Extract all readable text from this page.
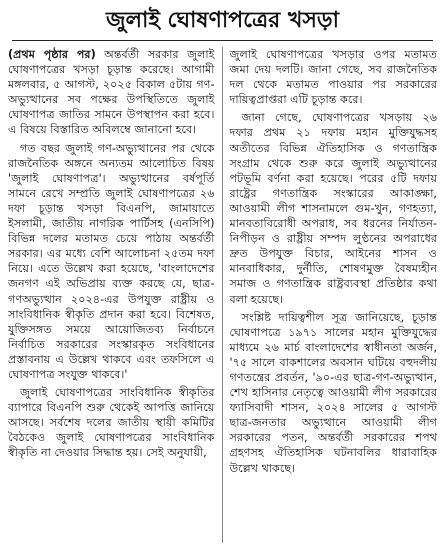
জুলাই ঘোষণাপত্রের খসড়া

(প্রথম পৃষ্ঠার পর) অন্তর্বর্তী সরকার জুলাই ঘোষণাপত্রের খসড়া চূড়ান্ত করেছে। আগামী মঙ্গলবার, ৫ আগস্ট, ২০২৫ বিকাল ৫টায় গণ-অভ্যুত্থানের সব পক্ষের উপস্থিতিতে জুলাই ঘোষণাপত্র জাতির সামনে উপস্থাপন করা হবে। এ বিষয়ে বিস্তারিত অবিলম্বে জানানো হবে।

গত বছর জুলাই গণ-অভ্যুত্থানের পর থেকে রাজনৈতিক অঙ্গনে অন্যতম আলোচিত বিষয় 'জুলাই ঘোষণাপত্র'। অভ্যুত্থানের বর্ষপূর্তি সামনে রেখে সম্প্রতি জুলাই ঘোষণাপত্রের ২৬ দফা চূড়ান্ত খসড়া বিএনপি, জামায়াতে ইসলামী, জাতীয় নাগরিক পার্টিসহ (এনসিপি) বিভিন্ন দলের মতামত চেয়ে পাঠায় অন্তর্বর্তী সরকার। এর মধ্যে বেশি আলোচনা ২৫তম দফা নিয়ে। এতে উল্লেখ করা হয়েছে, 'বাংলাদেশের জনগণ এই অভিপ্রায় ব্যক্ত করছে যে, ছাত্র-গণঅভ্যুত্থান ২০২৪-এর উপযুক্ত রাষ্ট্রীয় ও সাংবিধানিক স্বীকৃতি প্রদান করা হবে। বিশেষত, যুক্তিসঙ্গত সময়ে আয়োজিতব্য নির্বাচনে নির্বাচিত সরকারের সংস্কারকৃত সংবিধানের প্রস্তাবনায় এ উল্লেখ থাকবে এবং তফসিলে এ ঘোষণাপত্র সংযুক্ত থাকবে।'

জুলাই ঘোষণাপত্রের সাংবিধানিক স্বীকৃতির ব্যাপারে বিএনপি শুরু থেকেই আপত্তি জানিয়ে আসছে। সর্বশেষ দলের জাতীয় স্থায়ী কমিটির বৈঠকেও জুলাই ঘোষণাপত্রের সাংবিধানিক স্বীকৃতি না দেওয়ার সিদ্ধান্ত হয়। সেই অনুযায়ী,

জুলাই ঘোষণাপত্রের খসড়ার ওপর মতামত জমা দেয় দলটি। জানা গেছে, সব রাজনৈতিক দল থেকে মতামত পাওয়ার পর সরকারের দায়িত্বপ্রাপ্তরা এটি চূড়ান্ত করে।

জানা গেছে, ঘোষণাপত্রের খসড়ায় ২৬ দফার প্রথম ২১ দফায় মহান মুক্তিযুদ্ধসহ অতীতের বিভিন্ন ঐতিহাসিক ও গণতান্ত্রিক সংগ্রাম থেকে শুরু করে জুলাই অভ্যুত্থানের পটভূমি বর্ণনা করা হয়েছে। পরের ৫টি দফায় রাষ্ট্রের গণতান্ত্রিক সংস্কারের আকাঙ্ক্ষা, আওয়ামী লীগ শাসনামলে গুম-খুন, গণহত্যা, মানবতাবিরোধী অপরাধ, সব ধরনের নির্যাতন-নিপীড়ন ও রাষ্ট্রীয় সম্পদ লুণ্ঠনের অপরাধের দ্রুত উপযুক্ত বিচার, আইনের শাসন ও মানবাধিকার, দুর্নীতি, শোষণমুক্ত বৈষম্যহীন সমাজ ও গণতান্ত্রিক রাষ্ট্রব্যবস্থা প্রতিষ্ঠার কথা বলা হয়েছে।

সংশ্লিষ্ট দায়িত্বশীল সূত্র জানিয়েছে, চূড়ান্ত ঘোষণাপত্রে ১৯৭১ সালের মহান মুক্তিযুদ্ধের মাধ্যমে ২৬ মার্চ বাংলাদেশের স্বাধীনতা অর্জন, '৭৫ সালে বাকশালের অবসান ঘটিয়ে বহুদলীয় গণতন্ত্রের প্রবর্তন, '৯০-এর ছাত্র-গণ-অভ্যুত্থান, শেখ হাসিনার নেতৃত্বে আওয়ামী লীগ সরকারের ফ্যাসিবাদী শাসন, ২০২৪ সালের ৫ আগস্ট ছাত্র-জনতার অভ্যুত্থানে আওয়ামী লীগ সরকারের পতন, অন্তর্বর্তী সরকারের শপথ গ্রহণসহ ঐতিহাসিক ঘটনাবলির ধারাবাহিক উল্লেখ থাকছে।
